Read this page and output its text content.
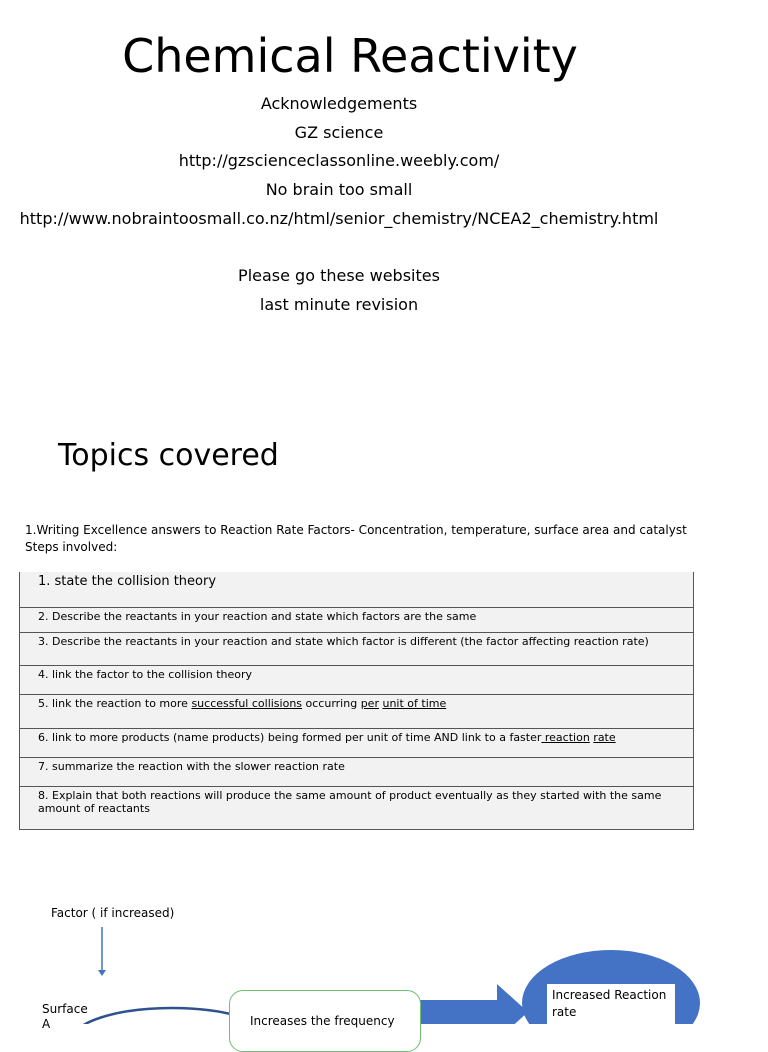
Chemical Reactivity
Acknowledgements
GZ science
http://gzscienceclassonline.weebly.com/
No brain too small
http://www.nobraintoosmall.co.nz/html/senior_chemistry/NCEA2_chemistry.html
Please go these websites
last minute revision
Topics covered
1.Writing Excellence answers to Reaction Rate Factors- Concentration, temperature, surface area and catalyst
Steps involved:
1. state the collision theory
2. Describe the reactants in your reaction and state which factors are the same
3. Describe the reactants in your reaction and state which factor is different (the factor affecting reaction rate)
4. link the factor to the collision theory
5. link the reaction to more successful collisions occurring per unit of time
6. link to more products (name products) being formed per unit of time AND link to a faster reaction rate
7. summarize the reaction with the slower reaction rate
8. Explain that both reactions will produce the same amount of product eventually as they started with the same amount of reactants
Factor ( if increased)
Surface
A	Increases the frequency
Increased Reaction rate
